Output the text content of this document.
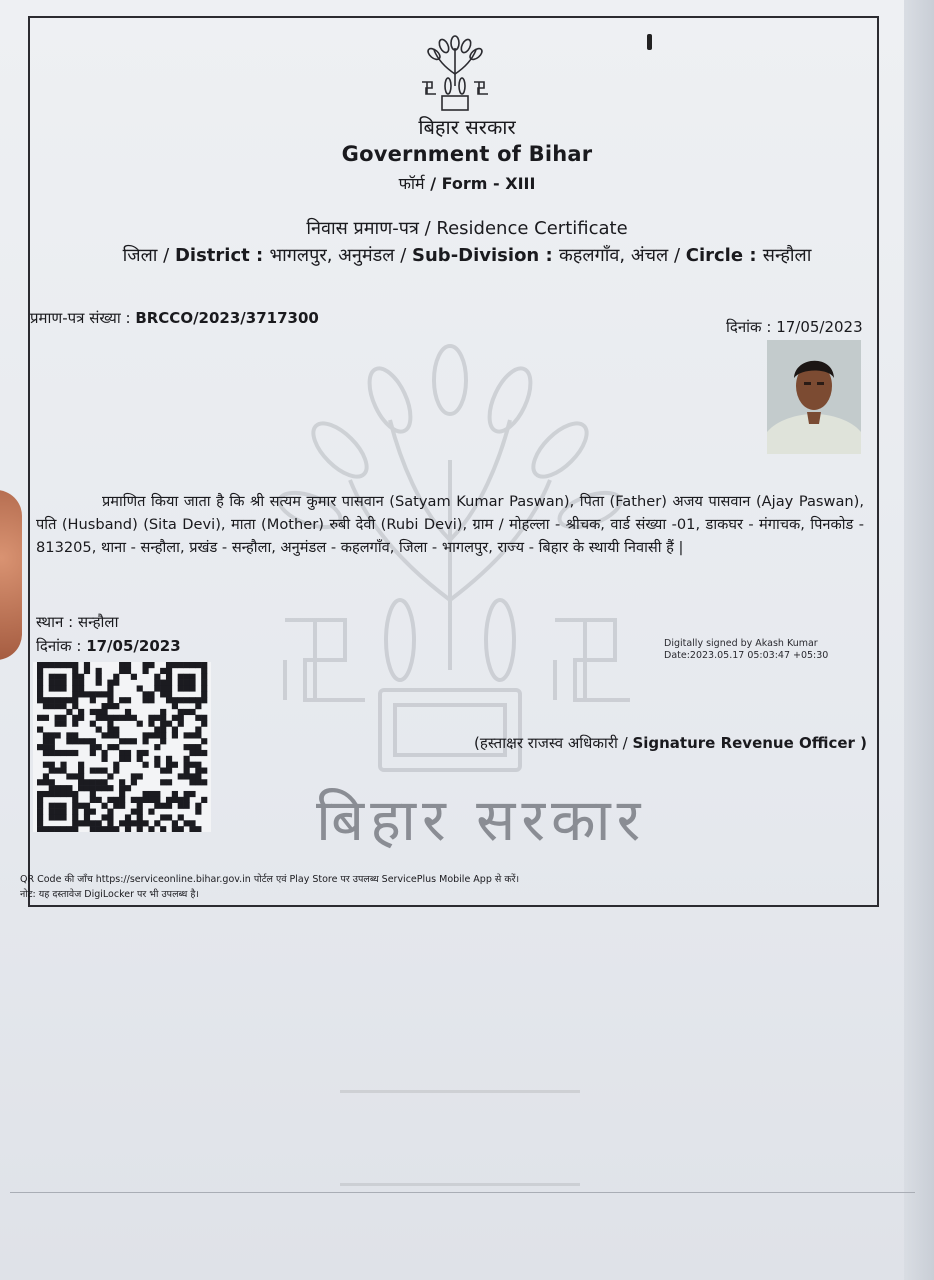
बिहार सरकार
बिहार सरकार
Government of Bihar
फॉर्म / Form - XIII
निवास प्रमाण-पत्र / Residence Certificate
जिला / District : भागलपुर, अनुमंडल / Sub-Division : कहलगाँव, अंचल / Circle : सन्हौला
प्रमाण-पत्र संख्या : BRCCO/2023/3717300	दिनांक : 17/05/2023
प्रमाणित किया जाता है कि श्री सत्यम कुमार पासवान (Satyam Kumar Paswan), पिता (Father) अजय पासवान (Ajay Paswan), पति (Husband) (Sita Devi), माता (Mother) रुबी देवी (Rubi Devi), ग्राम / मोहल्ला - श्रीचक, वार्ड संख्या -01, डाकघर - मंगाचक, पिनकोड - 813205, थाना - सन्हौला, प्रखंड - सन्हौला, अनुमंडल - कहलगाँव, जिला - भागलपुर, राज्य - बिहार के स्थायी निवासी हैं |
स्थान : सन्हौला
दिनांक : 17/05/2023	Digitally signed by Akash Kumar
Date:2023.05.17 05:03:47 +05:30
(हस्ताक्षर राजस्व अधिकारी / Signature Revenue Officer )
QR Code की जाँच https://serviceonline.bihar.gov.in पोर्टल एवं Play Store पर उपलब्ध ServicePlus Mobile App से करें।
नोट: यह दस्तावेज DigiLocker पर भी उपलब्ध है।
